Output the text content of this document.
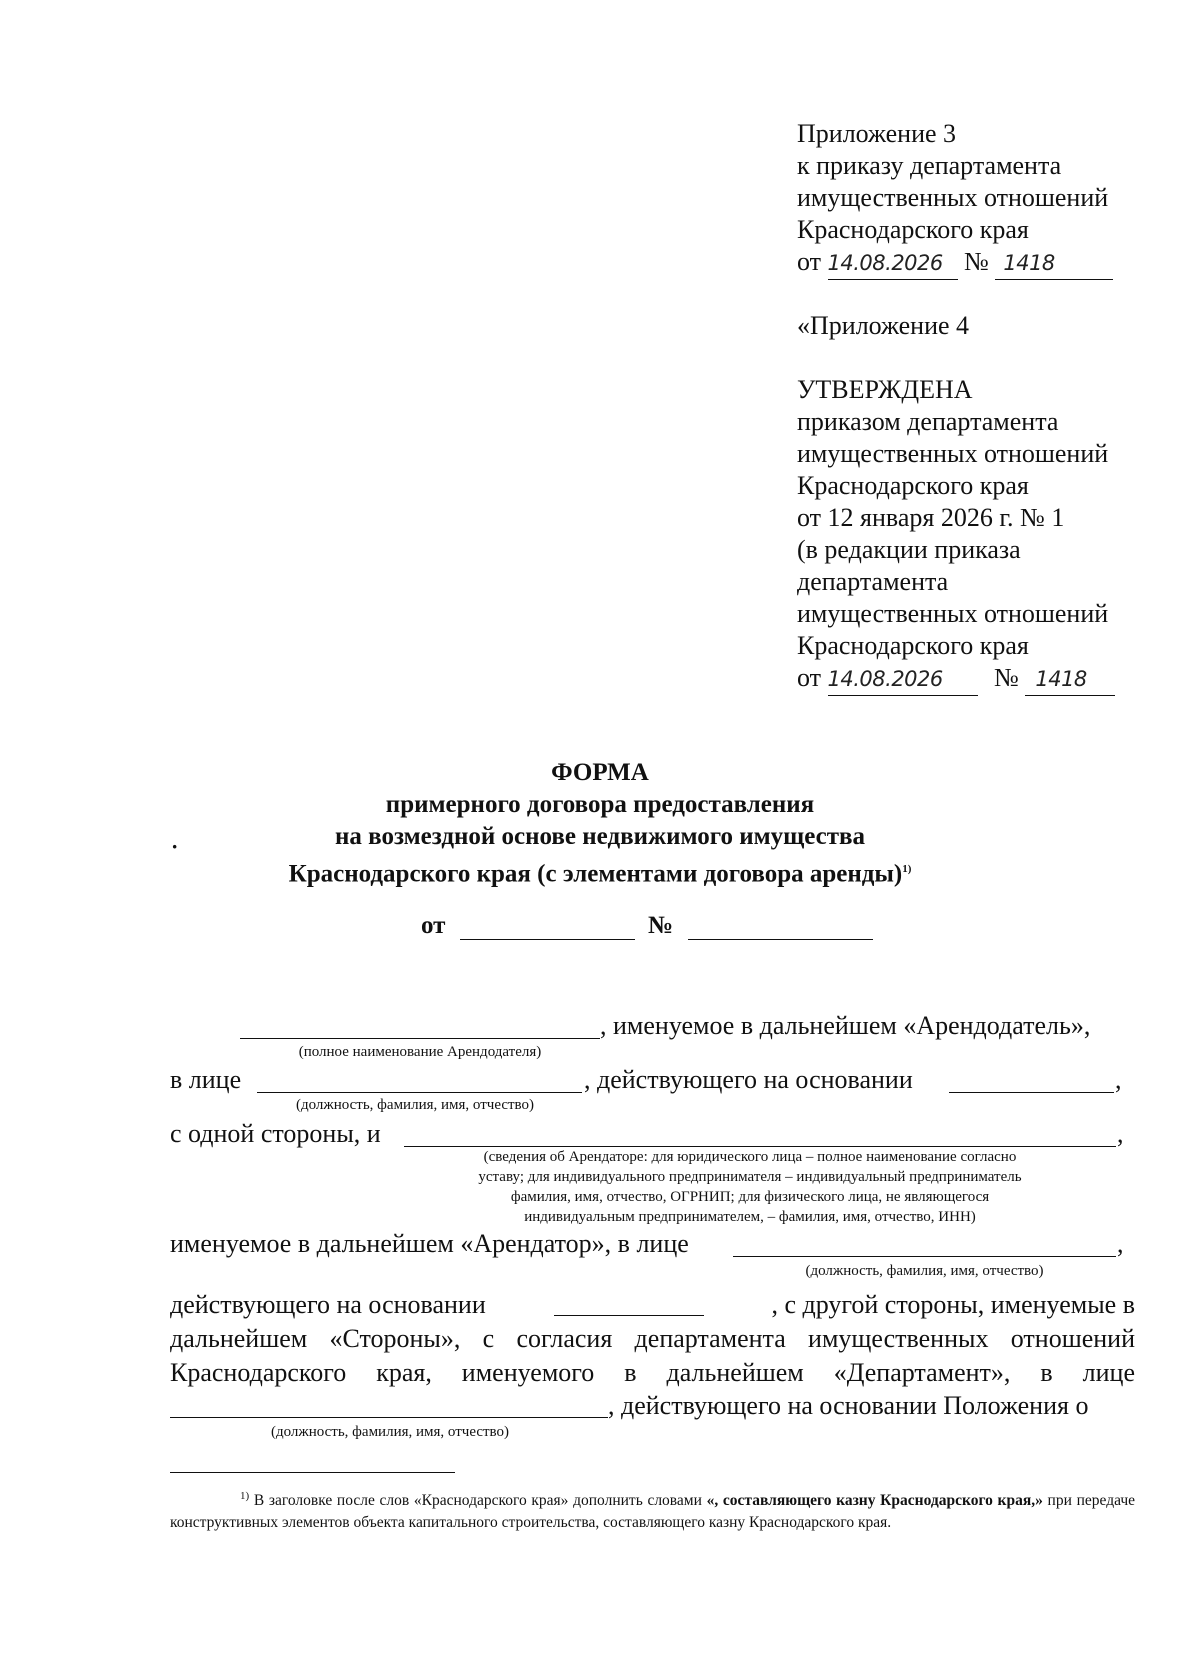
Приложение 3
к приказу департамента
имущественных отношений
Краснодарского края
от 14.08.2026 № 1418
«Приложение 4
УТВЕРЖДЕНА
приказом департамента
имущественных отношений
Краснодарского края
от 12 января 2026 г. № 1
(в редакции приказа
департамента
имущественных отношений
Краснодарского края
от 14.08.2026 № 1418
ФОРМА
примерного договора предоставления
на возмездной основе недвижимого имущества
Краснодарского края (с элементами договора аренды)$^{1)}$
·
от	№
, именуемое в дальнейшем «Арендодатель»,
(полное наименование Арендодателя)
в лице	, действующего на основании	,
(должность, фамилия, имя, отчество)
с одной стороны, и	,
(сведения об Арендаторе: для юридического лица – полное наименование согласно
уставу; для индивидуального предпринимателя – индивидуальный предприниматель
фамилия, имя, отчество, ОГРНИП; для физического лица, не являющегося
индивидуальным предпринимателем, – фамилия, имя, отчество, ИНН)
именуемое в дальнейшем «Арендатор», в лице	,
(должность, фамилия, имя, отчество)
действующего на основании	, с другой стороны, именуемые в
дальнейшем «Стороны», с согласия департамента имущественных отношений
Краснодарского края, именуемого в дальнейшем «Департамент», в лице
, действующего на основании Положения о
(должность, фамилия, имя, отчество)
$^{1)}$ В заголовке после слов «Краснодарского края» дополнить словами «, составляющего казну Краснодарского края,» при передаче конструктивных элементов объекта капитального строительства, составляющего казну Краснодарского края.
